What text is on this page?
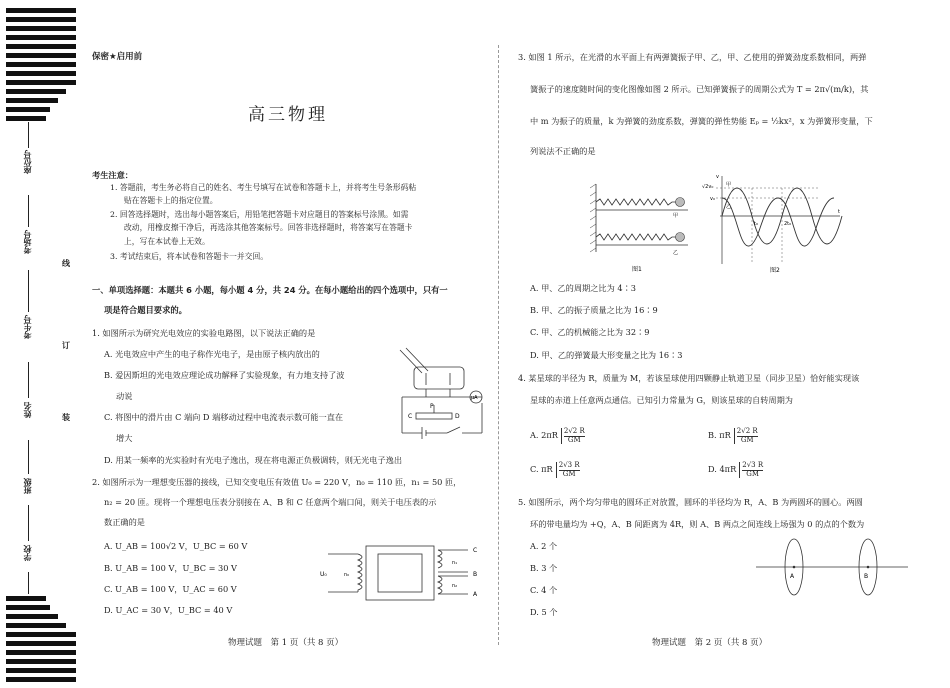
座位号
考场号
考生号
姓名
班级
学校
线
订
装
保密★启用前
高三物理
考生注意：
1. 答题前，考生务必将自己的姓名、考生号填写在试卷和答题卡上，并将考生号条形码粘
贴在答题卡上的指定位置。
2. 回答选择题时，选出每小题答案后，用铅笔把答题卡对应题目的答案标号涂黑。如需
改动，用橡皮擦干净后，再选涂其他答案标号。回答非选择题时，将答案写在答题卡
上，写在本试卷上无效。
3. 考试结束后，将本试卷和答题卡一并交回。
一、单项选择题：本题共 6 小题，每小题 4 分，共 24 分。在每小题给出的四个选项中，只有一
项是符合题目要求的。
1. 如图所示为研究光电效应的实验电路图，以下说法正确的是
A. 光电效应中产生的电子称作光电子，是由原子核内放出的
B. 爱因斯坦的光电效应理论成功解释了实验现象，有力地支持了波
动说
C. 将图中的滑片由 C 端向 D 端移动过程中电流表示数可能一直在
增大
D. 用某一频率的光实验时有光电子逸出，现在将电源正负极调转，则无光电子逸出
2. 如图所示为一理想变压器的接线，已知交变电压有效值 U₀ = 220 V，n₀ = 110 匝，n₁ = 50 匝，
n₂ = 20 匝。现将一个理想电压表分别接在 A、B 和 C 任意两个端口间，则关于电压表的示
数正确的是
A. U_AB = 100√2 V，U_BC = 60 V
B. U_AB = 100 V，U_BC = 30 V
C. U_AB = 100 V，U_AC = 60 V
D. U_AC = 30 V，U_BC = 40 V
P
C	D
μA
U₀	n₀
n₁
n₂
C
B
A
物理试题　第 1 页（共 8 页）
3. 如图 1 所示，在光滑的水平面上有两弹簧振子甲、乙，甲、乙使用的弹簧劲度系数相同，两弹
簧振子的速度随时间的变化图像如图 2 所示。已知弹簧振子的周期公式为 T = 2π√(m/k)，其
中 m 为振子的质量，k 为弹簧的劲度系数，弹簧的弹性势能 Eₚ = ½kx²，x 为弹簧形变量，下
列说法不正确的是
A. 甲、乙的周期之比为 4∶3
B. 甲、乙的振子质量之比为 16∶9
C. 甲、乙的机械能之比为 32∶9
D. 甲、乙的弹簧最大形变量之比为 16∶3
4. 某星球的半径为 R，质量为 M，若该星球使用四颗静止轨道卫星（同步卫星）恰好能实现该
星球的赤道上任意两点通信。已知引力常量为 G，则该星球的自转周期为
A. $2\pi R \frac{2√2 R}{GM}$	B. πR $\frac{2√2 R}{GM}$
C. πR $\frac{2√3 R}{GM}$	D. $4\pi R \frac{2√3 R}{GM}$
5. 如图所示，两个均匀带电的圆环正对放置，圆环的半径均为 R，A、B 为两圆环的圆心。两圆
环的带电量均为 +Q，A、B 间距离为 4R，则 A、B 两点之间连线上场强为 0 的点的个数为
A. 2 个
B. 3 个
C. 4 个
D. 5 个
甲
乙
图1
√2v₀
v₀
v
t
t₀	2t₀
甲
乙
图2
A	B
物理试题　第 2 页（共 8 页）
